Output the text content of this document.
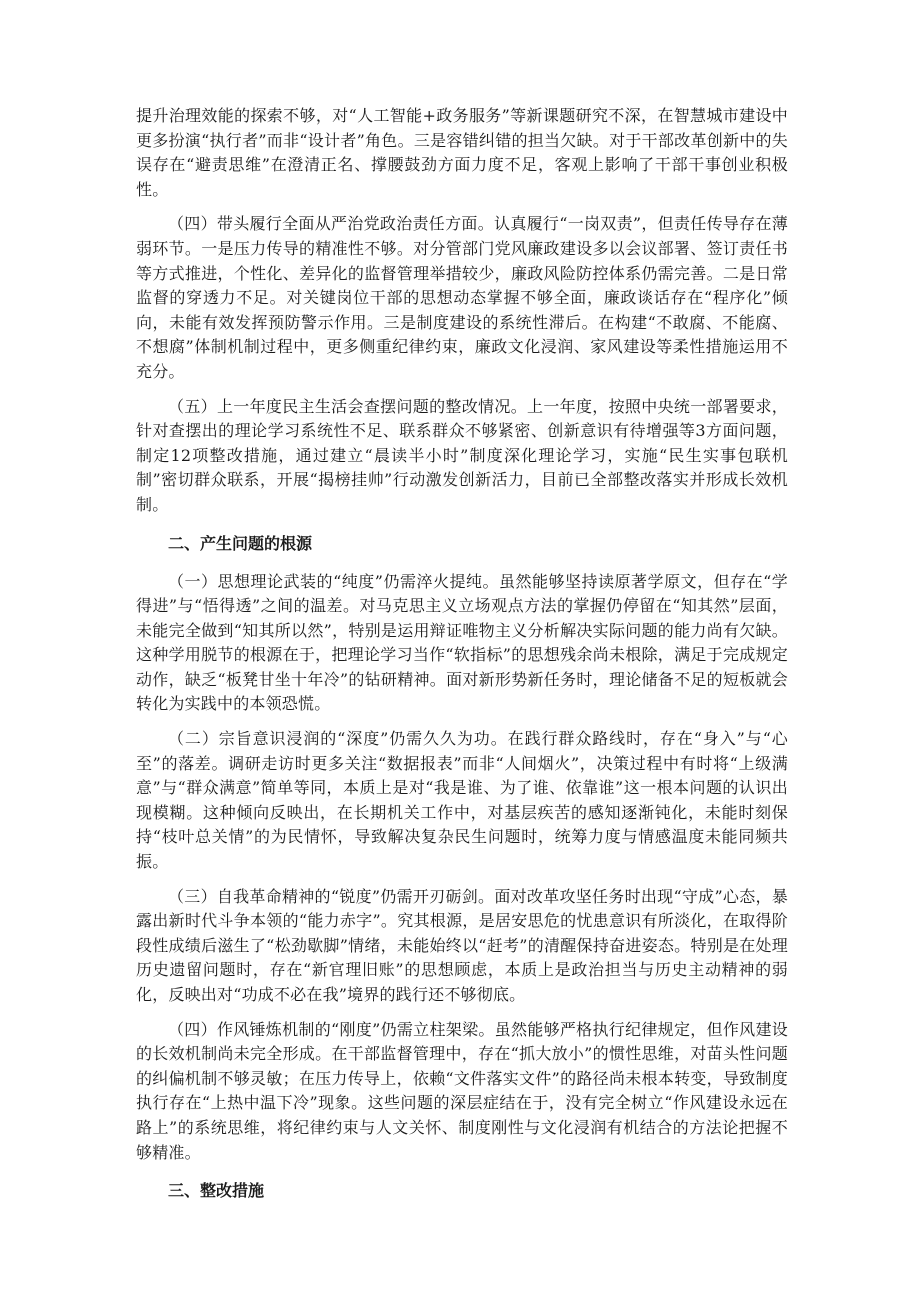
提升治理效能的探索不够，对“人工智能+政务服务”等新课题研究不深，在智慧城市建设中更多扮演“执行者”而非“设计者”角色。三是容错纠错的担当欠缺。对于干部改革创新中的失误存在“避责思维”在澄清正名、撑腰鼓劲方面力度不足，客观上影响了干部干事创业积极性。

（四）带头履行全面从严治党政治责任方面。认真履行“一岗双责”，但责任传导存在薄弱环节。一是压力传导的精准性不够。对分管部门党风廉政建设多以会议部署、签订责任书等方式推进，个性化、差异化的监督管理举措较少，廉政风险防控体系仍需完善。二是日常监督的穿透力不足。对关键岗位干部的思想动态掌握不够全面，廉政谈话存在“程序化”倾向，未能有效发挥预防警示作用。三是制度建设的系统性滞后。在构建“不敢腐、不能腐、不想腐”体制机制过程中，更多侧重纪律约束，廉政文化浸润、家风建设等柔性措施运用不充分。

（五）上一年度民主生活会查摆问题的整改情况。上一年度，按照中央统一部署要求，针对查摆出的理论学习系统性不足、联系群众不够紧密、创新意识有待增强等3方面问题，制定12项整改措施，通过建立“晨读半小时”制度深化理论学习，实施“民生实事包联机制”密切群众联系，开展“揭榜挂帅”行动激发创新活力，目前已全部整改落实并形成长效机制。

二、产生问题的根源

（一）思想理论武装的“纯度”仍需淬火提纯。虽然能够坚持读原著学原文，但存在“学得进”与“悟得透”之间的温差。对马克思主义立场观点方法的掌握仍停留在“知其然”层面，未能完全做到“知其所以然”，特别是运用辩证唯物主义分析解决实际问题的能力尚有欠缺。这种学用脱节的根源在于，把理论学习当作“软指标”的思想残余尚未根除，满足于完成规定动作，缺乏“板凳甘坐十年冷”的钻研精神。面对新形势新任务时，理论储备不足的短板就会转化为实践中的本领恐慌。

（二）宗旨意识浸润的“深度”仍需久久为功。在践行群众路线时，存在“身入”与“心至”的落差。调研走访时更多关注“数据报表”而非“人间烟火”，决策过程中有时将“上级满意”与“群众满意”简单等同，本质上是对“我是谁、为了谁、依靠谁”这一根本问题的认识出现模糊。这种倾向反映出，在长期机关工作中，对基层疾苦的感知逐渐钝化，未能时刻保持“枝叶总关情”的为民情怀，导致解决复杂民生问题时，统筹力度与情感温度未能同频共振。

（三）自我革命精神的“锐度”仍需开刃砺剑。面对改革攻坚任务时出现“守成”心态，暴露出新时代斗争本领的“能力赤字”。究其根源，是居安思危的忧患意识有所淡化，在取得阶段性成绩后滋生了“松劲歇脚”情绪，未能始终以“赶考”的清醒保持奋进姿态。特别是在处理历史遗留问题时，存在“新官理旧账”的思想顾虑，本质上是政治担当与历史主动精神的弱化，反映出对“功成不必在我”境界的践行还不够彻底。

（四）作风锤炼机制的“刚度”仍需立柱架梁。虽然能够严格执行纪律规定，但作风建设的长效机制尚未完全形成。在干部监督管理中，存在“抓大放小”的惯性思维，对苗头性问题的纠偏机制不够灵敏；在压力传导上，依赖“文件落实文件”的路径尚未根本转变，导致制度执行存在“上热中温下冷”现象。这些问题的深层症结在于，没有完全树立“作风建设永远在路上”的系统思维，将纪律约束与人文关怀、制度刚性与文化浸润有机结合的方法论把握不够精准。

三、整改措施
